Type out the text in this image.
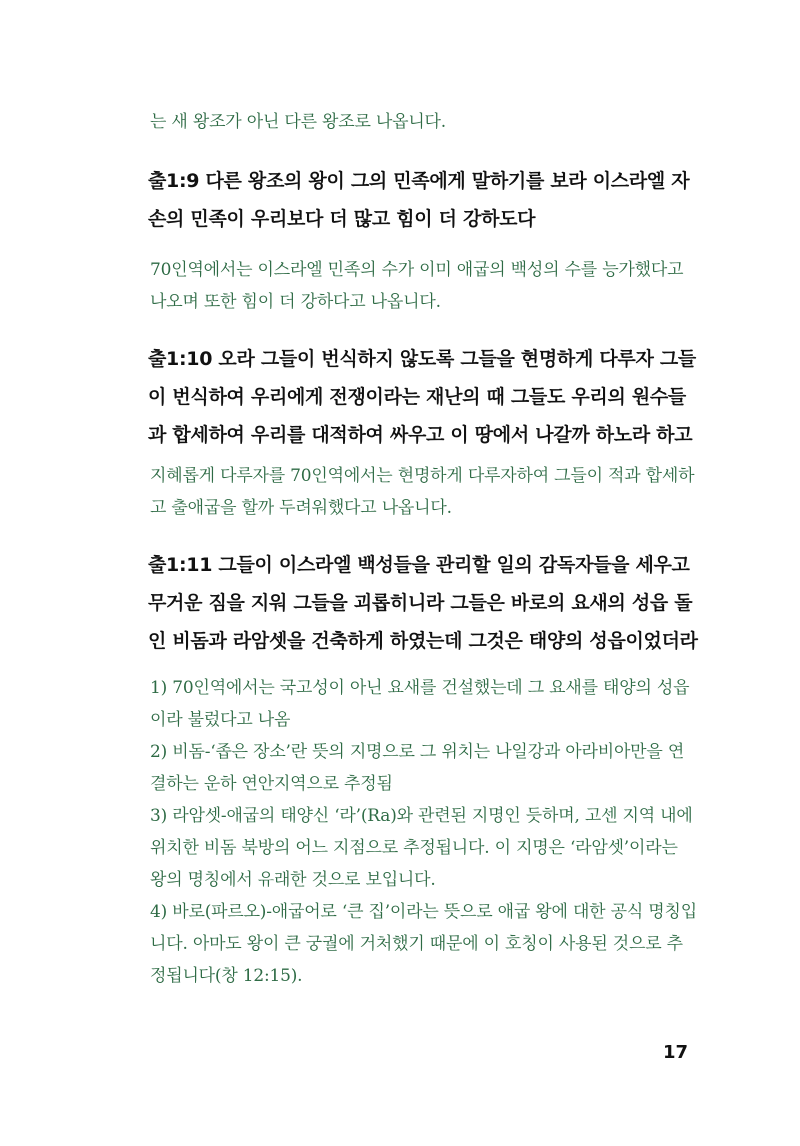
는 새 왕조가 아닌 다른 왕조로 나옵니다.

출1:9 다른 왕조의 왕이 그의 민족에게 말하기를 보라 이스라엘 자손의 민족이 우리보다 더 많고 힘이 더 강하도다

70인역에서는 이스라엘 민족의 수가 이미 애굽의 백성의 수를 능가했다고 나오며 또한 힘이 더 강하다고 나옵니다.

출1:10 오라 그들이 번식하지 않도록 그들을 현명하게 다루자 그들이 번식하여 우리에게 전쟁이라는 재난의 때 그들도 우리의 원수들과 합세하여 우리를 대적하여 싸우고 이 땅에서 나갈까 하노라 하고

지혜롭게 다루자를 70인역에서는 현명하게 다루자하여 그들이 적과 합세하고 출애굽을 할까 두려워했다고 나옵니다.

출1:11 그들이 이스라엘 백성들을 관리할 일의 감독자들을 세우고 무거운 짐을 지워 그들을 괴롭히니라 그들은 바로의 요새의 성읍 돌인 비돔과 라암셋을 건축하게 하였는데 그것은 태양의 성읍이었더라

1) 70인역에서는 국고성이 아닌 요새를 건설했는데 그 요새를 태양의 성읍이라 불렀다고 나옴
2) 비돔-‘좁은 장소’란 뜻의 지명으로 그 위치는 나일강과 아라비아만을 연결하는 운하 연안지역으로 추정됨
3) 라암셋-애굽의 태양신 ‘라’(Ra)와 관련된 지명인 듯하며, 고센 지역 내에 위치한 비돔 북방의 어느 지점으로 추정됩니다. 이 지명은 ‘라암셋’이라는 왕의 명칭에서 유래한 것으로 보입니다.
4) 바로(파르오)-애굽어로 ‘큰 집’이라는 뜻으로 애굽 왕에 대한 공식 명칭입니다. 아마도 왕이 큰 궁궐에 거처했기 때문에 이 호칭이 사용된 것으로 추정됩니다(창 12:15).
17
